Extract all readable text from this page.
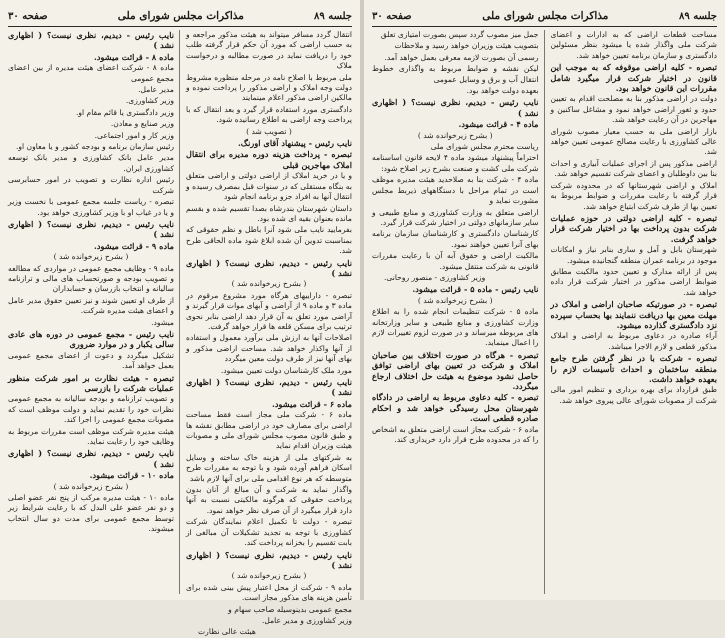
جلسه ۸۹
مذاکرات مجلس شورای ملی
صفحه ۳۰

انتقال گردد مسافر میتواند به هیئت مذکور مراجعه و به حسب اراضی که مورد آن حکم قرار گرفته طلب خود را دریافت نماید در صورت مطالبه و درخواست ملاک

ملی مربوط با اصلاح نامه در مرحله منظوره مشروط دولت وجه املاک و اراضی مذکور را پرداخت نموده و مالکین اراضی مذکور اعلام مینمایند

دادگستری مورد استفاده قرار گیرد و بعد انتقال که با پرداخت وجه اراضی به اطلاع رسانیده شود.

( تصویب شد )

نایب رئیس - پیشنهاد آقای اورنگ.

تبصره - پرداخت هزینه دوره مدیره برای انتقال املاک مهاجرین قبلی

و یا در خرید املاک از اراضی دولتی و اراضی متعلق به بنگاه مستقلی که در سنوات قبل بمصرف رسیده و انتقال آنها به افراد جزو برنامه انجام شود

داستان شهرستان بندرشاه بصدا تقسیم شده و بقسم مانده بعنوان بقیه ای شده بود.

بفرمایید نایب ملی شود آنرا باطل و نظم حقوقی که بمناسبت تدوین آن شده ابلاغ شود ماده الحاقی طرح شد.

نایب رئیس - دیدیم، نظری نیست؟ ( اظهاری نشد )

( بشرح زیرخوانده شد )

تبصره - داراییهای هرگاه مورد مشروع مرقوم در ماده ۳ و ماده ۹ از آراضی و آبهای موات قرار گیرند و آراضی مورد تعلق به آن قرار دهد اراضی بنابر نحوی ترتیب برای مسکن قلعه ها قرار خواهد گرفت.

اصلاحات آنها به ارزش ملی برآورد معمول و استفاده از آنها واکذار خواهد شد. مساحت اراضی مذکور و بهای آنها نیز از طرف دولت معین میگردد

مورد ملک کارشناسان دولت تعیین میشود.

نایب رئیس - دیدیم، نظری نیست؟ ( اظهاری نشد )

ماده ۶ - قرائت میشود.

ماده ۶ - شرکت ملی مجاز است فقط مساحت اراضی برای مصارف خود در اراضی مطابق نقشه ها و طبق قانون مصوب مجلس شورای ملی و مصوبات هیئت وزیران اقدام نماید

به شرکتهای ملی از هزینه خاک ساخته و وسایل اسکان فراهم آورده شود و با توجه به مقررات طرح متوسطه که هر نوع اقدامی ملی برای آنها لازم باشد

واگذار نماید به شرکت و آن مبالغ از آنان بدون پرداخت حقوقی که هرگونه مالکیتی نسبت به آنها دارد قرار میگیرد از آن صرف نظر خواهد نمود.

تبصره - دولت تا تکمیل اعلام نمایندگان شرکت کشاورزی با توجه به تجدید تشکیلات آن مبالغی از بابت تقسیم را بخزانه پرداخت کند.

نایب رئیس - دیدیم، نظری نیست؟ ( اظهاری نشد )

( بشرح زیرخوانده شد )

ماده ۹ - شرکت از محل اعتبار پیش بینی شده برای تأمین هزینه های مذکور مجاز است.

مجمع عمومی بدینوسیله صاحب سهام و

وزیر کشاورزی و مدیر عامل.

هیئت عالی نظارت

نایب رئیس - دیدیم، نظری نیست؟ ( اظهاری نشد )

ماده ۸ - قرائت میشود.

ماده ۸ - شرکت اعضای هیئت مدیره از بین اعضای مجمع عمومی

مدیر عامل.

وزیر کشاورزی.

وزیر دادگستری یا قائم مقام او.

وزیر صنایع و معادن.

وزیر کار و امور اجتماعی.

رئیس سازمان برنامه و بودجه کشور و یا معاون او.

مدیر عامل بانک کشاورزی و مدیر بانک توسعه کشاورزی ایران.

رئیس اداره نظارت و تصویب در امور حسابرسی شرکت

تبصره - ریاست جلسه مجمع عمومی با نخست وزیر و یا در غیاب او با وزیر کشاورزی خواهد بود.

نایب رئیس - دیدیم، نظری نیست؟ ( اظهاری نشد )

ماده ۹ - قرائت میشود.

( بشرح زیرخوانده شد )

ماده ۹ - وظایف مجمع عمومی در مواردی که مطالعه و تصویب بودجه و صورتحساب های مالی و ترازنامه سالیانه و انتخاب بازرسان و حسابداران

از طرف او تعیین شوند و نیز تعیین حقوق مدیر عامل و اعضای هیئت مدیره شرکت.

میشود.

نایب رئیس - مجمع عمومی در دوره های عادی سالی یکبار و در موارد ضروری

تشکیل میگردد و دعوت از اعضای مجمع عمومی بعمل خواهد آمد.

تبصره - هیئت نظارت بر امور شرکت منظور عملیات شرکت را بازرسی

و تصویب ترازنامه و بودجه سالیانه به مجمع عمومی نظرات خود را تقدیم نماید و دولت موظف است که مصوبات مجمع عمومی را اجرا کند.

هیئت مدیره شرکت موظف است مقررات مربوط به وظایف خود را رعایت نماید.

نایب رئیس - دیدیم، نظری نیست؟ ( اظهاری نشد )

ماده ۱۰ - قرائت میشود.

( بشرح زیرخوانده شد )

ماده ۱۰ - هیئت مدیره مرکب از پنج نفر عضو اصلی و دو نفر عضو علی البدل که با رعایت شرایط زیر توسط مجمع عمومی برای مدت دو سال انتخاب میشوند.

جلسه ۸۹
مذاکرات مجلس شورای ملی
صفحه ۳۰

مساحت قطعات اراضی که به ادارات و اعضای شرکت ملی واگذار شده یا میشود بنظر مسئولین دادگستری و سازمان برنامه تعیین خواهد شد.

تبصره - کلیه اراضی موقوفه که به موجب این قانون در اختیار شرکت قرار میگیرد شامل مقررات این قانون خواهد بود.

دولت در اراضی مذکور بنا به مصلحت اقدام به تعیین حدود و ثغور اراضی خواهد نمود و مشاغل ساکنین و مهاجرین در آن رعایت خواهد شد.

بازار اراضی ملی به حسب معیار مصوب شورای عالی کشاورزی با رعایت مصالح عمومی تعیین خواهد شد.

اراضی مذکور پس از اجرای عملیات آبیاری و احداث بنا بین داوطلبان و اعضای شرکت تقسیم خواهد شد.

املاک و اراضی شهرستانها که در محدوده شرکت قرار گرفته با رعایت مقررات و ضوابط مربوط به تعیین بها از طرف شرکت ابتیاع خواهد شد.

تبصره - کلیه اراضی دولتی در حوزه عملیات شرکت بدون پرداخت بها در اختیار شرکت قرار خواهد گرفت.

شهرستان بابل و آمل و ساری بنابر نیاز و امکانات موجود در برنامه عمران منطقه گنجانیده میشود.

پس از ارائه مدارک و تعیین حدود مالکیت مطابق ضوابط اراضی مذکور در اختیار شرکت قرار داده خواهد شد.

تبصره - در صورتیکه صاحبان اراضی و املاک در مهلت معین بها دریافت ننمایند بها بحساب سپرده نزد دادگستری گذارده میشود.

آراء صادره در دعاوی مربوط به اراضی و املاک مذکور قطعی و لازم الاجرا میباشد.

تبصره - شرکت با در نظر گرفتن طرح جامع منطقه ساختمان و احداث تأسیسات لازم را بعهده خواهد داشت.

طبق قرارداد برای بهره برداری و تنظیم امور مالی شرکت از مصوبات شورای عالی پیروی خواهد شد.

جمل میز مصوب گردد سپس بصورت امتیازی تعلق

بتصویب هیئت وزیران خواهد رسید و ملاحظات

رسمی آن بصورت لازمه معرفی بعمل خواهد آمد.

لیکن نقشه و ضوابط مربوط به واگذاری خطوط انتقال آب و برق و وسایل عمومی

بعهده دولت خواهد بود.

نایب رئیس - دیدیم، نظری نیست؟ ( اظهاری نشد )

ماده ۴ - قرائت میشود.

( بشرح زیرخوانده شد )

ریاست محترم مجلس شورای ملی

احتراماً پیشنهاد میشود ماده ۴ لایحه قانون اساسنامه شرکت ملی کشت و صنعت بشرح زیر اصلاح شود:

ماده ۴ - شرکت بنا به صلاحدید هیئت مدیره موظف است در تمام مراحل با دستگاههای ذیربط مجلس مشورت نماید و

اراضی متعلق به وزارت کشاورزی و منابع طبیعی و سایر سازمانهای دولتی در اختیار شرکت قرار گیرد.

کارشناسان دادگستری و کارشناسان سازمان برنامه بهای آنرا تعیین خواهند نمود.

مالکیت اراضی و حقوق آبه آن با رعایت مقررات قانونی به شرکت منتقل میشود.

وزیر کشاورزی - منصور روحانی.

نایب رئیس - ماده ۵ - قرائت میشود.

( بشرح زیرخوانده شد )

ماده ۵ - شرکت تنظیمات انجام شده را به اطلاع وزارت کشاورزی و منابع طبیعی و سایر وزارتخانه های مربوطه میرساند و در صورت لزوم تغییرات لازم را اعمال مینماید.

تبصره - هرگاه در صورت اختلاف بین صاحبان املاک و شرکت در تعیین بهای اراضی توافق حاصل نشود موضوع به هیئت حل اختلاف ارجاع میگردد.

تبصره - کلیه دعاوی مربوط به اراضی در دادگاه شهرستان محل رسیدگی خواهد شد و احکام صادره قطعی است.

ماده ۶ - شرکت مجاز است اراضی متعلق به اشخاص را که در محدوده طرح قرار دارد خریداری کند.
